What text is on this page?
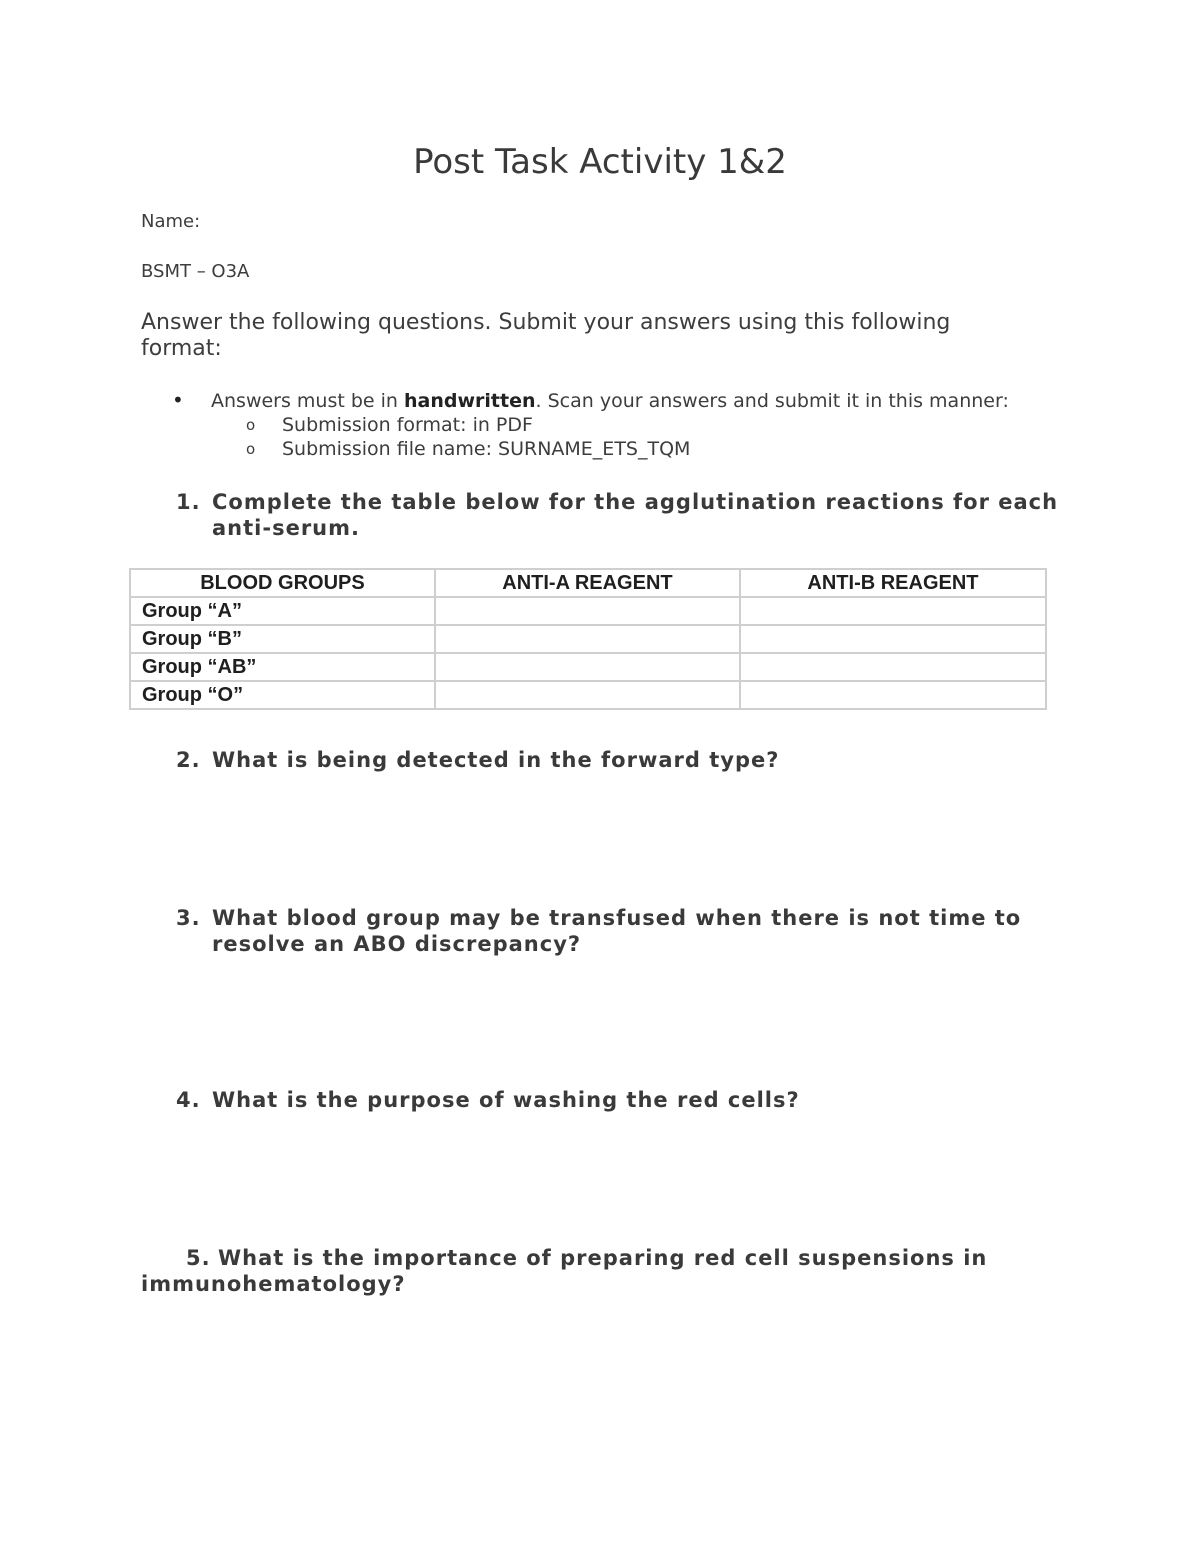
Post Task Activity 1&2
Name:
BSMT – O3A
Answer the following questions. Submit your answers using this following format:
• Answers must be in handwritten. Scan your answers and submit it in this manner:
o Submission format: in PDF
o Submission file name: SURNAME_ETS_TQM
1. Complete the table below for the agglutination reactions for each anti-serum.
BLOOD GROUPS	ANTI-A REAGENT	ANTI-B REAGENT
Group “A”		
Group “B”		
Group “AB”		
Group “O”		
2. What is being detected in the forward type?
3. What blood group may be transfused when there is not time to resolve an ABO discrepancy?
4. What is the purpose of washing the red cells?
5. What is the importance of preparing red cell suspensions in
immunohematology?
